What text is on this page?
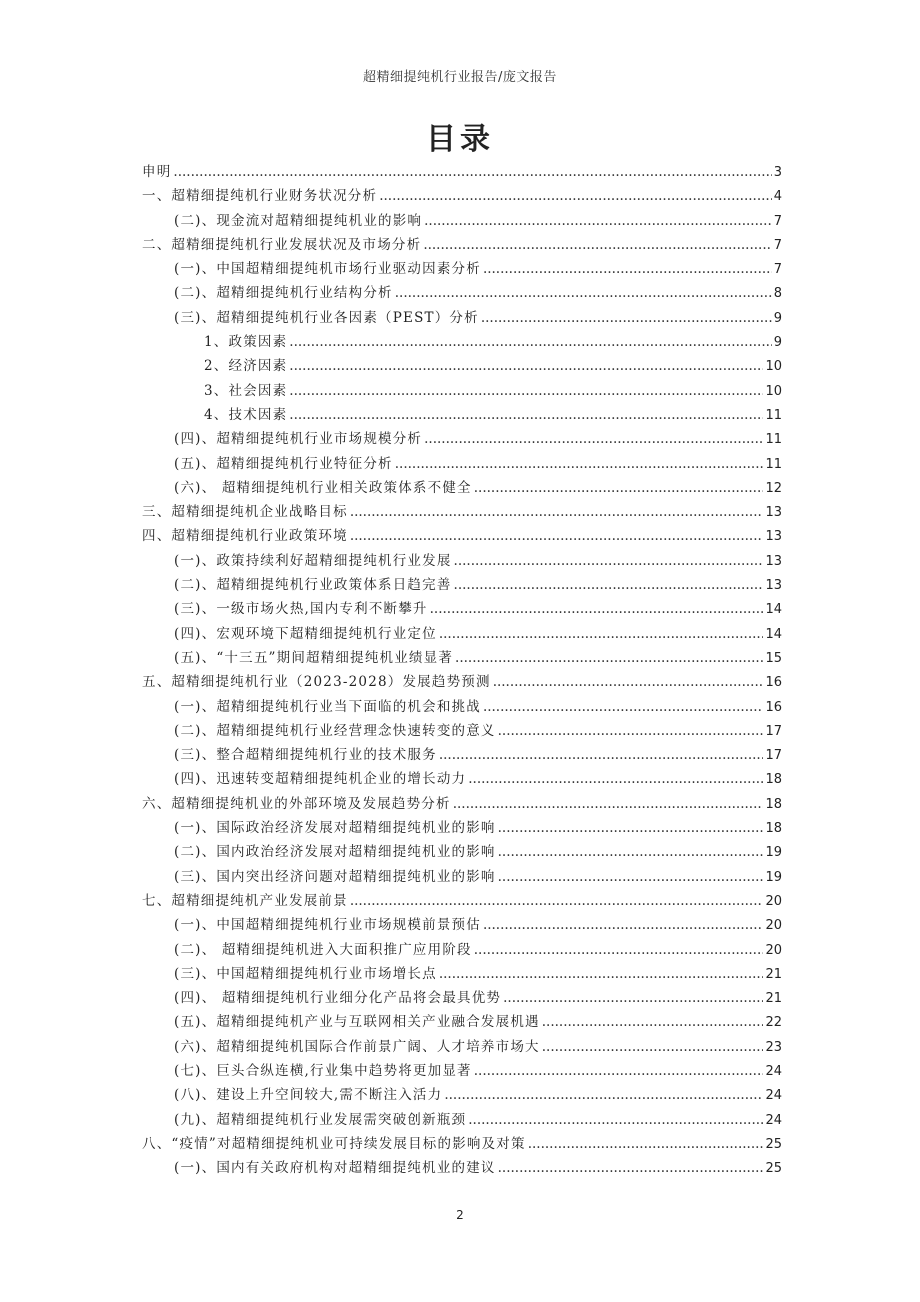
超精细提纯机行业报告/庞文报告
目录
申明 .....	3
一、超精细提纯机行业财务状况分析 .....	4
(二)、现金流对超精细提纯机业的影响 .....	7
二、超精细提纯机行业发展状况及市场分析 .....	7
(一)、中国超精细提纯机市场行业驱动因素分析 .....	7
(二)、超精细提纯机行业结构分析 .....	8
(三)、超精细提纯机行业各因素（PEST）分析 .....	9
1、政策因素 .....	9
2、经济因素 .....	10
3、社会因素 .....	10
4、技术因素 .....	11
(四)、超精细提纯机行业市场规模分析 .....	11
(五)、超精细提纯机行业特征分析 .....	11
(六)、 超精细提纯机行业相关政策体系不健全 .....	12
三、超精细提纯机企业战略目标 .....	13
四、超精细提纯机行业政策环境 .....	13
(一)、政策持续利好超精细提纯机行业发展 .....	13
(二)、超精细提纯机行业政策体系日趋完善 .....	13
(三)、一级市场火热,国内专利不断攀升 .....	14
(四)、宏观环境下超精细提纯机行业定位 .....	14
(五)、“十三五”期间超精细提纯机业绩显著 .....	15
五、超精细提纯机行业（2023-2028）发展趋势预测 .....	16
(一)、超精细提纯机行业当下面临的机会和挑战 .....	16
(二)、超精细提纯机行业经营理念快速转变的意义 .....	17
(三)、整合超精细提纯机行业的技术服务 .....	17
(四)、迅速转变超精细提纯机企业的增长动力 .....	18
六、超精细提纯机业的外部环境及发展趋势分析 .....	18
(一)、国际政治经济发展对超精细提纯机业的影响 .....	18
(二)、国内政治经济发展对超精细提纯机业的影响 .....	19
(三)、国内突出经济问题对超精细提纯机业的影响 .....	19
七、超精细提纯机产业发展前景 .....	20
(一)、中国超精细提纯机行业市场规模前景预估 .....	20
(二)、 超精细提纯机进入大面积推广应用阶段 .....	20
(三)、中国超精细提纯机行业市场增长点 .....	21
(四)、 超精细提纯机行业细分化产品将会最具优势 .....	21
(五)、超精细提纯机产业与互联网相关产业融合发展机遇 .....	22
(六)、超精细提纯机国际合作前景广阔、人才培养市场大 .....	23
(七)、巨头合纵连横,行业集中趋势将更加显著 .....	24
(八)、建设上升空间较大,需不断注入活力 .....	24
(九)、超精细提纯机行业发展需突破创新瓶颈 .....	24
八、“疫情”对超精细提纯机业可持续发展目标的影响及对策 .....	25
(一)、国内有关政府机构对超精细提纯机业的建议 .....	25
2
